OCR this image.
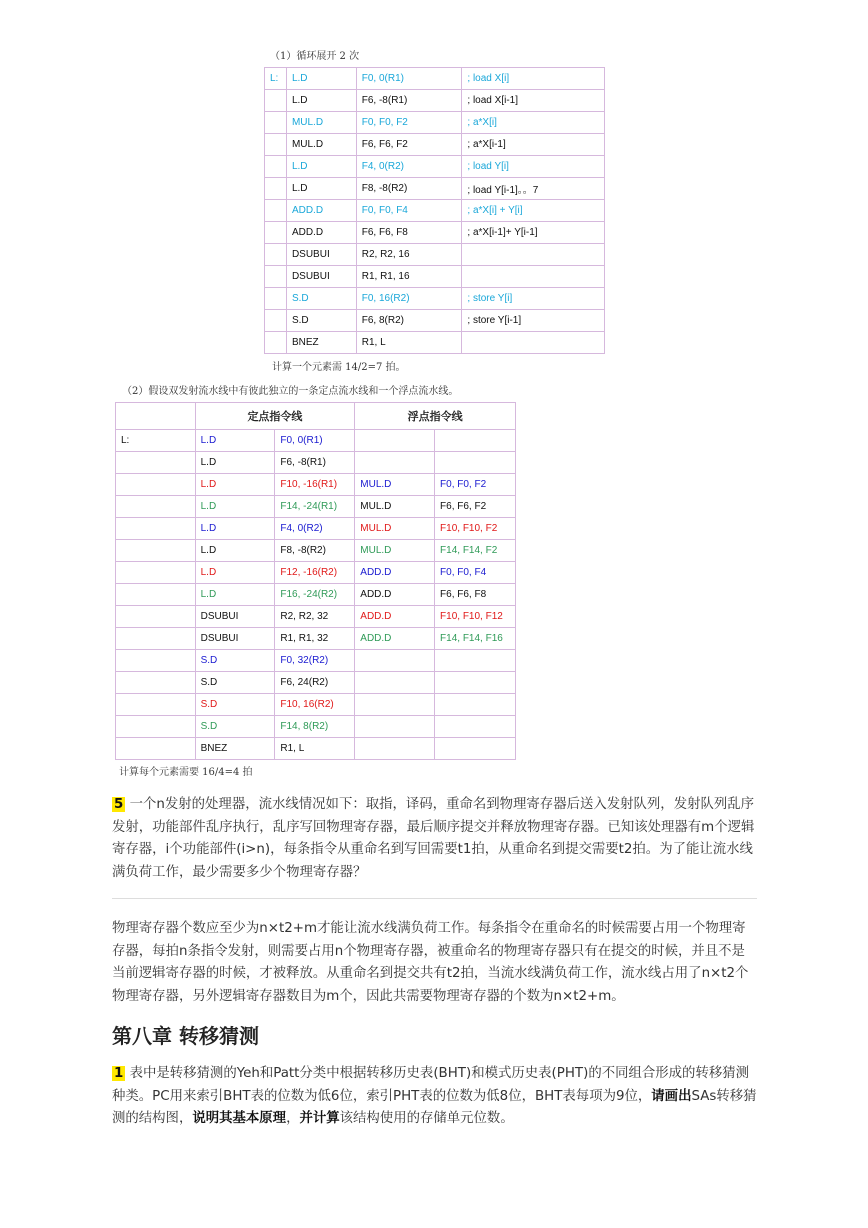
（1）循环展开 2 次
L:	L.D	F0, 0(R1)	; load X[i]
	L.D	F6, -8(R1)	; load X[i-1]
	MUL.D	F0, F0, F2	; a*X[i]
	MUL.D	F6, F6, F2	; a*X[i-1]
	L.D	F4, 0(R2)	; load Y[i]
	L.D	F8, -8(R2)	; load Y[i-1]。。7
	ADD.D	F0, F0, F4	; a*X[i] + Y[i]
	ADD.D	F6, F6, F8	; a*X[i-1]+ Y[i-1]
	DSUBUI	R2, R2, 16	
	DSUBUI	R1, R1, 16	
	S.D	F0, 16(R2)	; store Y[i]
	S.D	F6, 8(R2)	; store Y[i-1]
	BNEZ	R1, L	
计算一个元素需 14/2=7 拍。
（2）假设双发射流水线中有彼此独立的一条定点流水线和一个浮点流水线。
	定点指令线		浮点指令线	
L:	L.D	F0, 0(R1)		
	L.D	F6, -8(R1)		
	L.D	F10, -16(R1)	MUL.D	F0, F0, F2
	L.D	F14, -24(R1)	MUL.D	F6, F6, F2
	L.D	F4, 0(R2)	MUL.D	F10, F10, F2
	L.D	F8, -8(R2)	MUL.D	F14, F14, F2
	L.D	F12, -16(R2)	ADD.D	F0, F0, F4
	L.D	F16, -24(R2)	ADD.D	F6, F6, F8
	DSUBUI	R2, R2, 32	ADD.D	F10, F10, F12
	DSUBUI	R1, R1, 32	ADD.D	F14, F14, F16
	S.D	F0, 32(R2)		
	S.D	F6, 24(R2)		
	S.D	F10, 16(R2)		
	S.D	F14, 8(R2)		
	BNEZ	R1, L		
计算每个元素需要 16/4=4 拍
5 一个n发射的处理器，流水线情况如下：取指，译码，重命名到物理寄存器后送入发射队列，发射队列乱序发射，功能部件乱序执行，乱序写回物理寄存器，最后顺序提交并释放物理寄存器。已知该处理器有m个逻辑寄存器，i个功能部件(i>n)，每条指令从重命名到写回需要t1拍，从重命名到提交需要t2拍。为了能让流水线满负荷工作，最少需要多少个物理寄存器？
物理寄存器个数应至少为n×t2+m才能让流水线满负荷工作。每条指令在重命名的时候需要占用一个物理寄存器，每拍n条指令发射，则需要占用n个物理寄存器，被重命名的物理寄存器只有在提交的时候，并且不是当前逻辑寄存器的时候，才被释放。从重命名到提交共有t2拍，当流水线满负荷工作，流水线占用了n×t2个物理寄存器，另外逻辑寄存器数目为m个，因此共需要物理寄存器的个数为n×t2+m。
第八章 转移猜测
1 表中是转移猜测的Yeh和Patt分类中根据转移历史表(BHT)和模式历史表(PHT)的不同组合形成的转移猜测种类。PC用来索引BHT表的位数为低6位，索引PHT表的位数为低8位，BHT表每项为9位，请画出SAs转移猜测的结构图，说明其基本原理，并计算该结构使用的存储单元位数。
